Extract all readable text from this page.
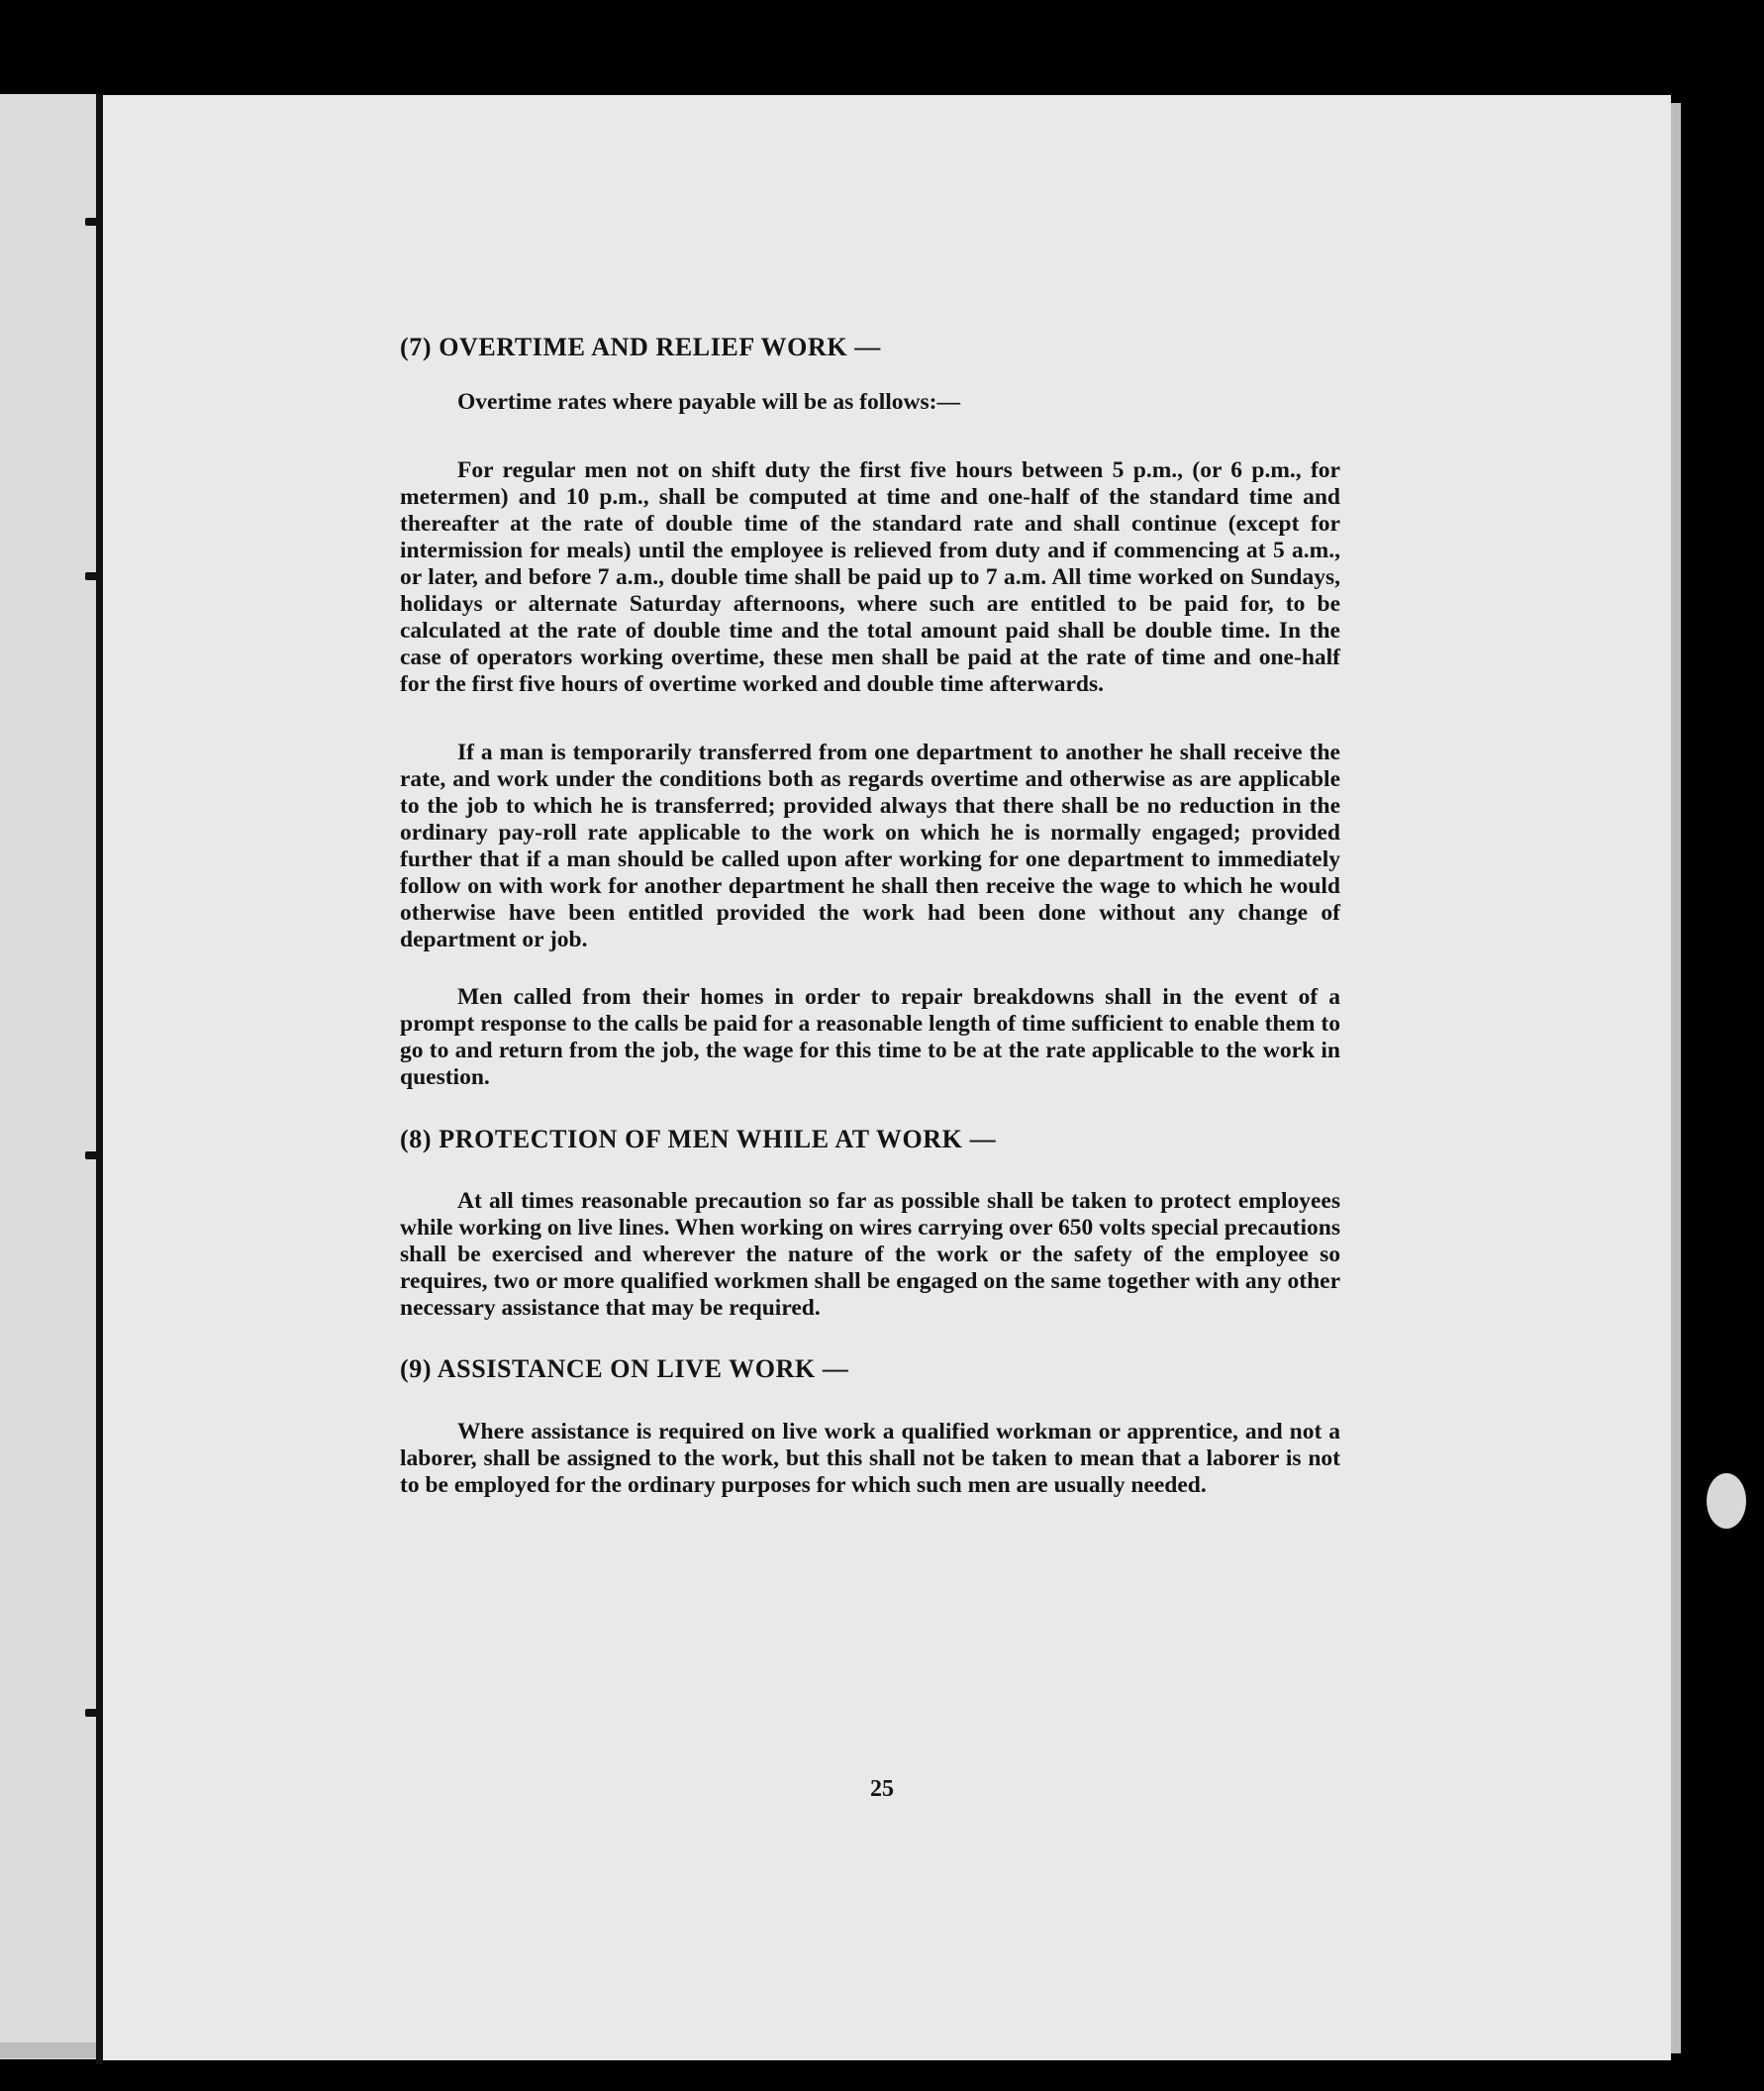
(7) OVERTIME AND RELIEF WORK —

Overtime rates where payable will be as follows:—

For regular men not on shift duty the first five hours between 5 p.m., (or 6 p.m., for metermen) and 10 p.m., shall be computed at time and one-half of the standard time and thereafter at the rate of double time of the standard rate and shall continue (except for intermission for meals) until the employee is relieved from duty and if commencing at 5 a.m., or later, and before 7 a.m., double time shall be paid up to 7 a.m. All time worked on Sundays, holidays or alternate Saturday afternoons, where such are entitled to be paid for, to be calculated at the rate of double time and the total amount paid shall be double time. In the case of operators working overtime, these men shall be paid at the rate of time and one-half for the first five hours of overtime worked and double time afterwards.

If a man is temporarily transferred from one department to another he shall receive the rate, and work under the conditions both as regards overtime and otherwise as are applicable to the job to which he is transferred; provided always that there shall be no reduction in the ordinary pay-roll rate applicable to the work on which he is normally engaged; provided further that if a man should be called upon after working for one department to immediately follow on with work for another department he shall then receive the wage to which he would otherwise have been entitled provided the work had been done without any change of department or job.

Men called from their homes in order to repair breakdowns shall in the event of a prompt response to the calls be paid for a reasonable length of time sufficient to enable them to go to and return from the job, the wage for this time to be at the rate applicable to the work in question.

(8) PROTECTION OF MEN WHILE AT WORK —

At all times reasonable precaution so far as possible shall be taken to protect employees while working on live lines. When working on wires carrying over 650 volts special precautions shall be exercised and wherever the nature of the work or the safety of the employee so requires, two or more qualified workmen shall be engaged on the same together with any other necessary assistance that may be required.

(9) ASSISTANCE ON LIVE WORK —

Where assistance is required on live work a qualified workman or apprentice, and not a laborer, shall be assigned to the work, but this shall not be taken to mean that a laborer is not to be employed for the ordinary purposes for which such men are usually needed.

25
